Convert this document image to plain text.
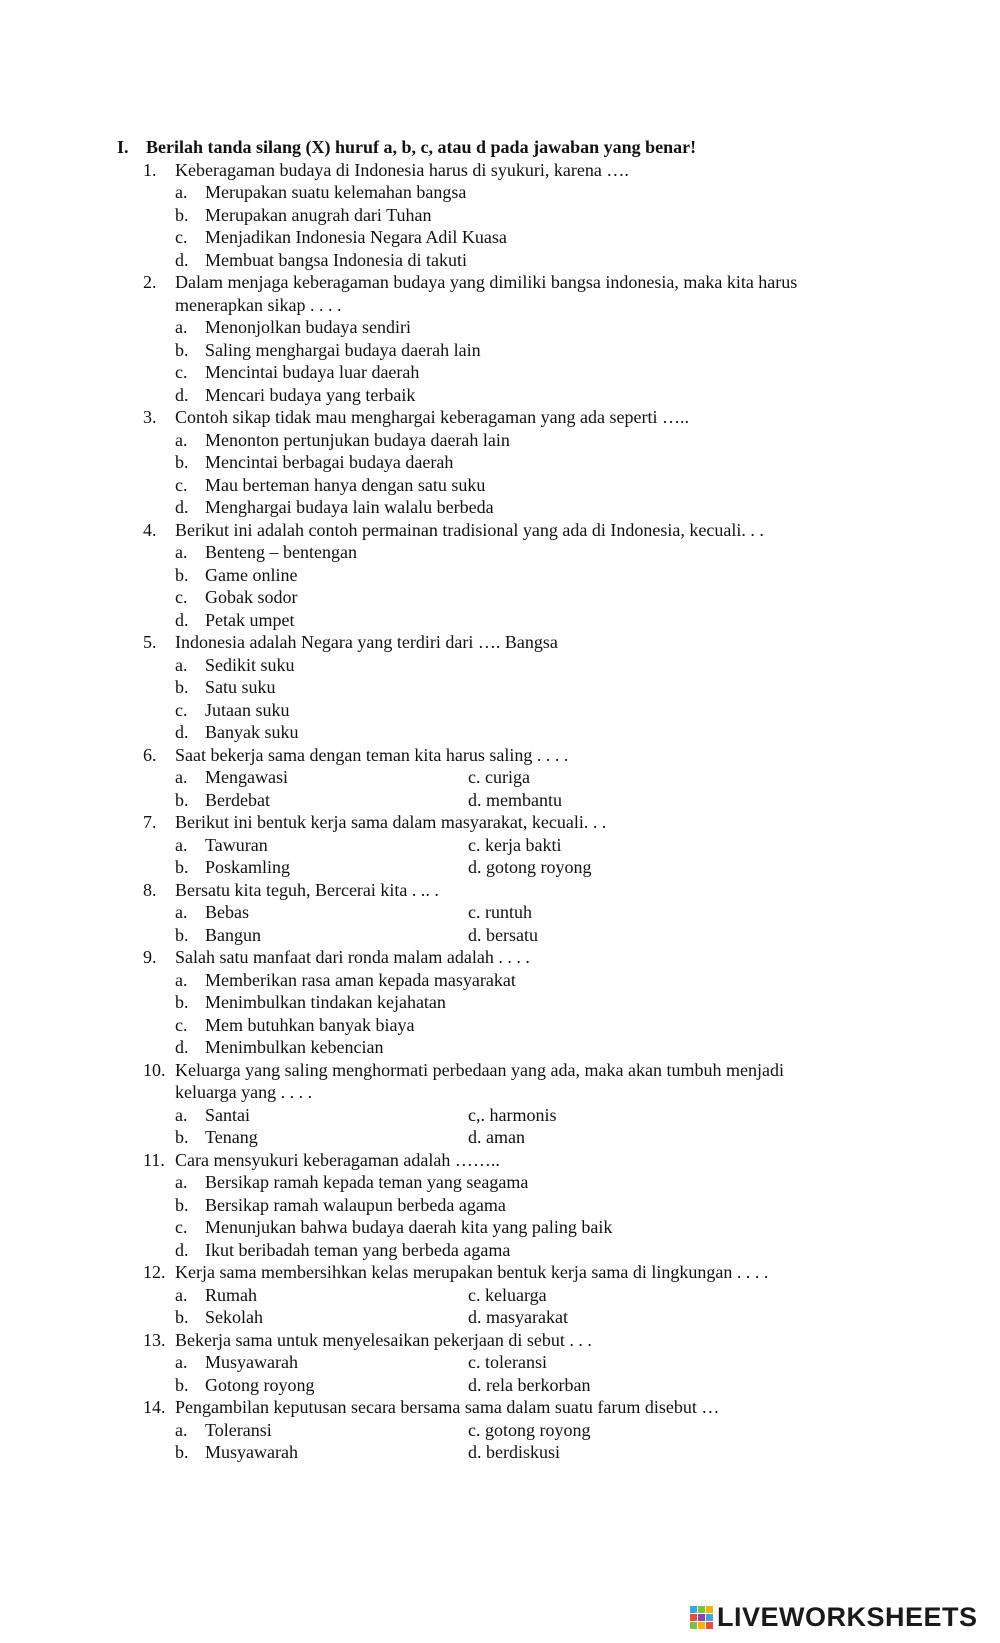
I. Berilah tanda silang (X) huruf a, b, c, atau d pada jawaban yang benar!
1. Keberagaman budaya di Indonesia harus di syukuri, karena ….
a. Merupakan suatu kelemahan bangsa
b. Merupakan anugrah dari Tuhan
c. Menjadikan Indonesia Negara Adil Kuasa
d. Membuat bangsa Indonesia di takuti
2. Dalam menjaga keberagaman budaya yang dimiliki bangsa indonesia, maka kita harus
menerapkan sikap . . . .
a. Menonjolkan budaya sendiri
b. Saling menghargai budaya daerah lain
c. Mencintai budaya luar daerah
d. Mencari budaya yang terbaik
3. Contoh sikap tidak mau menghargai keberagaman yang ada seperti …..
a. Menonton pertunjukan budaya daerah lain
b. Mencintai berbagai budaya daerah
c. Mau berteman hanya dengan satu suku
d. Menghargai budaya lain walalu berbeda
4. Berikut ini adalah contoh permainan tradisional yang ada di Indonesia, kecuali. . .
a. Benteng – bentengan
b. Game online
c. Gobak sodor
d. Petak umpet
5. Indonesia adalah Negara yang terdiri dari …. Bangsa
a. Sedikit suku
b. Satu suku
c. Jutaan suku
d. Banyak suku
6. Saat bekerja sama dengan teman kita harus saling . . . .
a. Mengawasi	c. curiga
b. Berdebat	d. membantu
7. Berikut ini bentuk kerja sama dalam masyarakat, kecuali. . .
a. Tawuran	c. kerja bakti
b. Poskamling	d. gotong royong
8. Bersatu kita teguh, Bercerai kita . .. .
a. Bebas	c. runtuh
b. Bangun	d. bersatu
9. Salah satu manfaat dari ronda malam adalah . . . .
a. Memberikan rasa aman kepada masyarakat
b. Menimbulkan tindakan kejahatan
c. Mem butuhkan banyak biaya
d. Menimbulkan kebencian
10. Keluarga yang saling menghormati perbedaan yang ada, maka akan tumbuh menjadi
keluarga yang . . . .
a. Santai	c,. harmonis
b. Tenang	d. aman
11. Cara mensyukuri keberagaman adalah ……..
a. Bersikap ramah kepada teman yang seagama
b. Bersikap ramah walaupun berbeda agama
c. Menunjukan bahwa budaya daerah kita yang paling baik
d. Ikut beribadah teman yang berbeda agama
12. Kerja sama membersihkan kelas merupakan bentuk kerja sama di lingkungan . . . .
a. Rumah	c. keluarga
b. Sekolah	d. masyarakat
13. Bekerja sama untuk menyelesaikan pekerjaan di sebut . . .
a. Musyawarah	c. toleransi
b. Gotong royong	d. rela berkorban
14. Pengambilan keputusan secara bersama sama dalam suatu farum disebut …
a. Toleransi	c. gotong royong
b. Musyawarah	d. berdiskusi
LIVEWORKSHEETS
